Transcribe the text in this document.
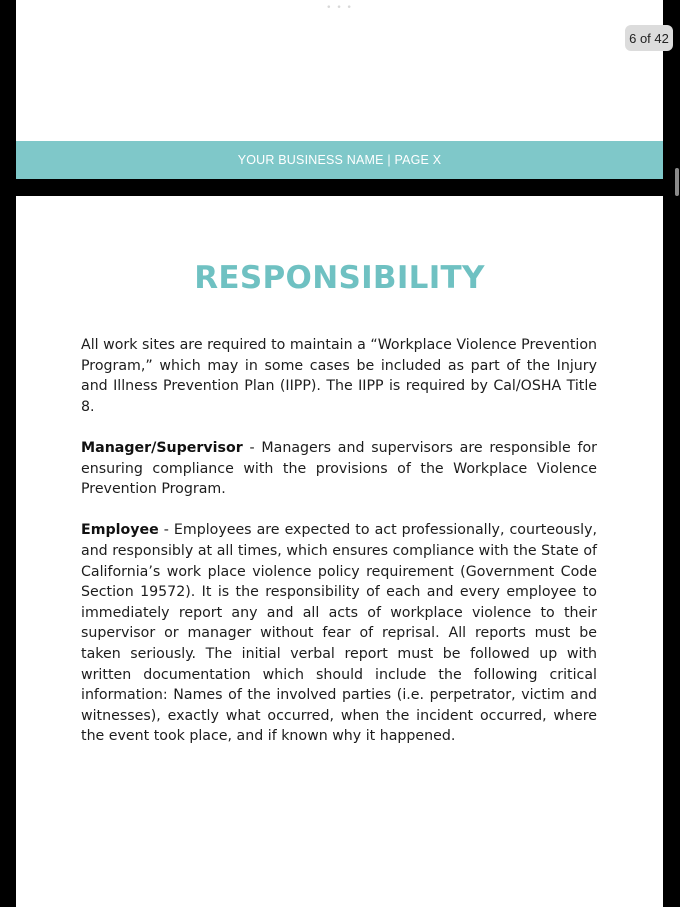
• • •
YOUR BUSINESS NAME | PAGE X
RESPONSIBILITY

All work sites are required to maintain a “Workplace Violence Prevention Program,” which may in some cases be included as part of the Injury and Illness Prevention Plan (IIPP). The IIPP is required by Cal/OSHA Title 8.

Manager/Supervisor - Managers and supervisors are responsible for ensuring compliance with the provisions of the Workplace Violence Prevention Program.

Employee - Employees are expected to act professionally, courteously, and responsibly at all times, which ensures compliance with the State of California’s work place violence policy requirement (Government Code Section 19572). It is the responsibility of each and every employee to immediately report any and all acts of workplace violence to their supervisor or manager without fear of reprisal. All reports must be taken seriously. The initial verbal report must be followed up with written documentation which should include the following critical information: Names of the involved parties (i.e. perpetrator, victim and witnesses), exactly what occurred, when the incident occurred, where the event took place, and if known why it happened.

6 of 42
